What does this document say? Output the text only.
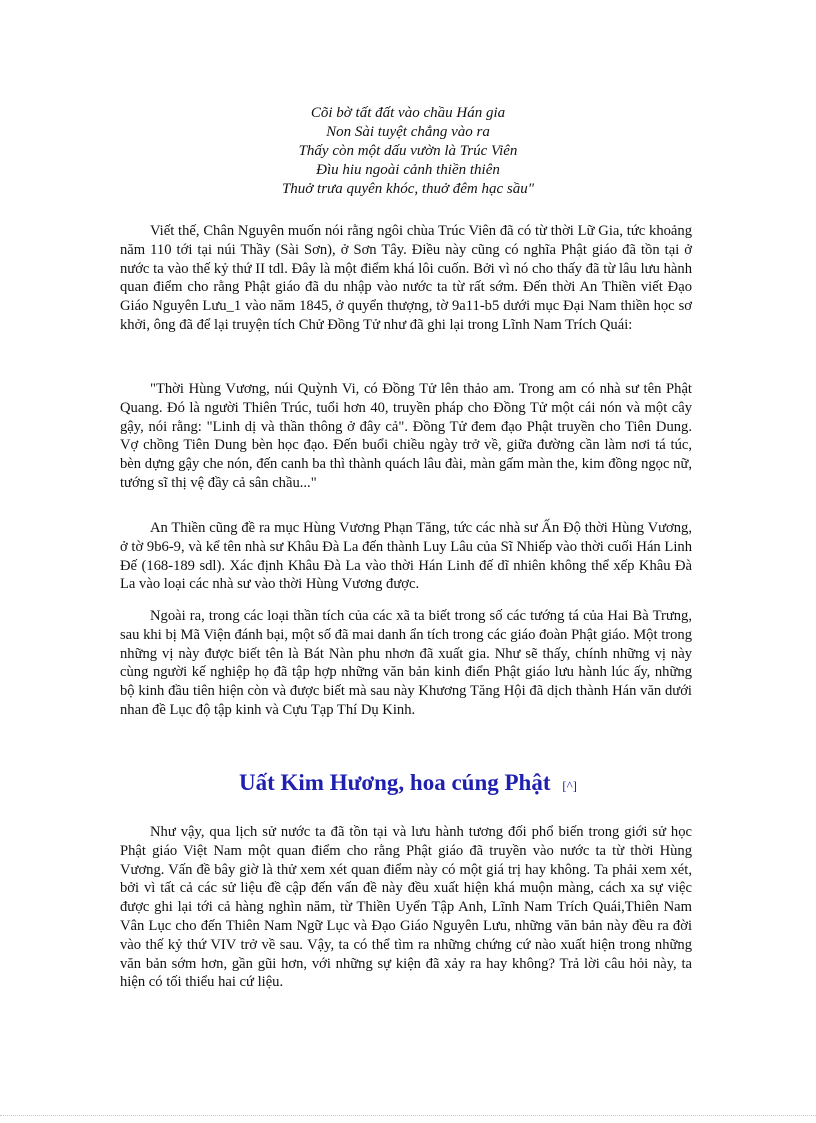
Cõi bờ tất đất vào chầu Hán gia
Non Sài tuyệt chẳng vào ra
Thấy còn một dấu vườn là Trúc Viên
Đìu hiu ngoài cảnh thiền thiên
Thuở trưa quyên khóc, thuở đêm hạc sầu"

Viết thế, Chân Nguyên muốn nói rằng ngôi chùa Trúc Viên đã có từ thời Lữ Gia, tức khoảng năm 110 tới tại núi Thầy (Sài Sơn), ở Sơn Tây. Điều này cũng có nghĩa Phật giáo đã tồn tại ở nước ta vào thế kỷ thứ II tdl. Đây là một điểm khá lôi cuốn. Bởi vì nó cho thấy đã từ lâu lưu hành quan điểm cho rằng Phật giáo đã du nhập vào nước ta từ rất sớm. Đến thời An Thiền viết Đạo Giáo Nguyên Lưu_1 vào năm 1845, ở quyển thượng, tờ 9a11-b5 dưới mục Đại Nam thiền học sơ khởi, ông đã để lại truyện tích Chử Đồng Tử như đã ghi lại trong Lĩnh Nam Trích Quái:

"Thời Hùng Vương, núi Quỳnh Vi, có Đồng Tử lên thảo am. Trong am có nhà sư tên Phật Quang. Đó là người Thiên Trúc, tuổi hơn 40, truyền pháp cho Đồng Tử một cái nón và một cây gậy, nói rằng: "Linh dị và thần thông ở đây cả". Đồng Tử đem đạo Phật truyền cho Tiên Dung. Vợ chồng Tiên Dung bèn học đạo. Đến buổi chiều ngày trở về, giữa đường cần làm nơi tá túc, bèn dựng gậy che nón, đến canh ba thì thành quách lâu đài, màn gấm màn the, kim đồng ngọc nữ, tướng sĩ thị vệ đầy cả sân chầu..."

An Thiền cũng đề ra mục Hùng Vương Phạn Tăng, tức các nhà sư Ấn Độ thời Hùng Vương, ở tờ 9b6-9, và kể tên nhà sư Khâu Đà La đến thành Luy Lâu của Sĩ Nhiếp vào thời cuối Hán Linh Đế (168-189 sdl). Xác định Khâu Đà La vào thời Hán Linh đế dĩ nhiên không thể xếp Khâu Đà La vào loại các nhà sư vào thời Hùng Vương được.

Ngoài ra, trong các loại thần tích của các xã ta biết trong số các tướng tá của Hai Bà Trưng, sau khi bị Mã Viện đánh bại, một số đã mai danh ẩn tích trong các giáo đoàn Phật giáo. Một trong những vị này được biết tên là Bát Nàn phu nhơn đã xuất gia. Như sẽ thấy, chính những vị này cùng người kế nghiệp họ đã tập hợp những văn bản kinh điển Phật giáo lưu hành lúc ấy, những bộ kinh đầu tiên hiện còn và được biết mà sau này Khương Tăng Hội đã dịch thành Hán văn dưới nhan đề Lục độ tập kinh và Cựu Tạp Thí Dụ Kinh.

Uất Kim Hương, hoa cúng Phật [^]

Như vậy, qua lịch sử nước ta đã tồn tại và lưu hành tương đối phổ biến trong giới sử học Phật giáo Việt Nam một quan điểm cho rằng Phật giáo đã truyền vào nước ta từ thời Hùng Vương. Vấn đề bây giờ là thử xem xét quan điểm này có một giá trị hay không. Ta phải xem xét, bởi vì tất cả các sử liệu đề cập đến vấn đề này đều xuất hiện khá muộn màng, cách xa sự việc được ghi lại tới cả hàng nghìn năm, từ Thiền Uyển Tập Anh, Lĩnh Nam Trích Quái,Thiên Nam Vân Lục cho đến Thiên Nam Ngữ Lục và Đạo Giáo Nguyên Lưu, những văn bản này đều ra đời vào thế kỷ thứ VIV trở về sau. Vậy, ta có thể tìm ra những chứng cứ nào xuất hiện trong những văn bản sớm hơn, gần gũi hơn, với những sự kiện đã xảy ra hay không? Trả lời câu hỏi này, ta hiện có tối thiểu hai cứ liệu.
